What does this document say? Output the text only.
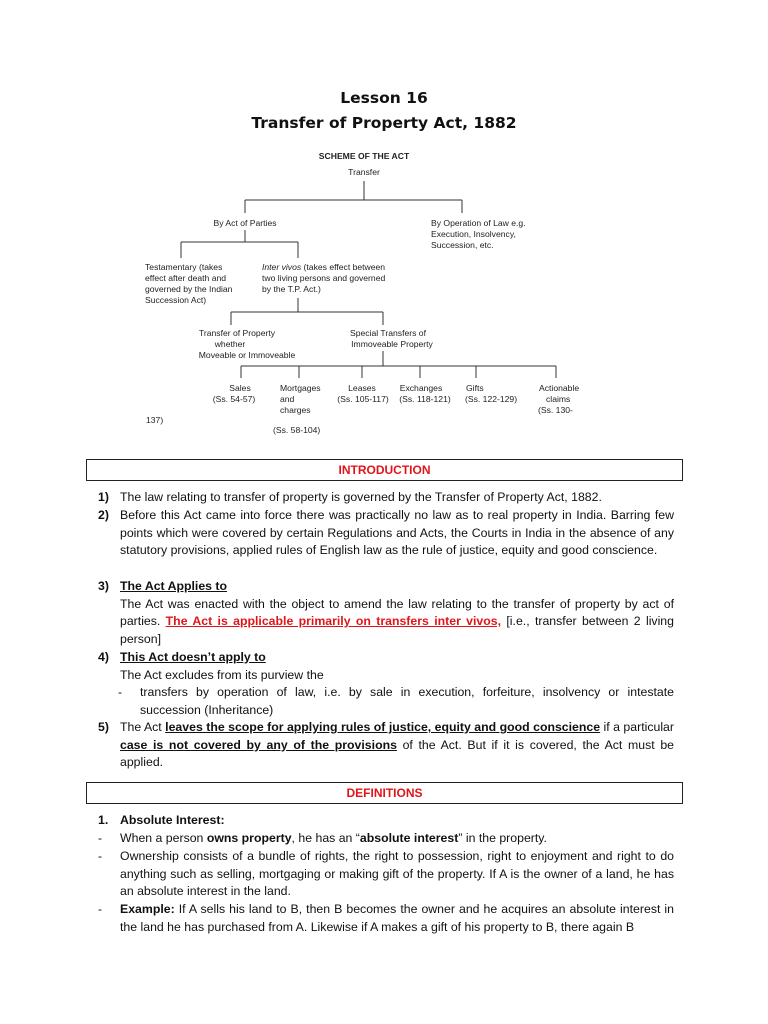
Lesson 16
Transfer of Property Act, 1882
SCHEME OF THE ACT
Transfer
By Act of Parties	By Operation of Law e.g.
Execution, Insolvency,
Succession, etc.
Testamentary (takes
effect after death and
governed by the Indian
Succession Act)
Inter vivos (takes effect between
two living persons and governed
by the T.P. Act.)
Transfer of Property
whether
Moveable or Immoveable
Special Transfers of
Immoveable Property
Sales
(Ss. 54-57)
Mortgages
and
charges
(Ss. 58-104)
Leases
(Ss. 105-117)
Exchanges
(Ss. 118-121)
Gifts
(Ss. 122-129)
Actionable
claims
(Ss. 130-
137)
INTRODUCTION
1) The law relating to transfer of property is governed by the Transfer of Property Act, 1882.
2) Before this Act came into force there was practically no law as to real property in India. Barring few points which were covered by certain Regulations and Acts, the Courts in India in the absence of any statutory provisions, applied rules of English law as the rule of justice, equity and good conscience.
3) The Act Applies to
The Act was enacted with the object to amend the law relating to the transfer of property by act of parties. The Act is applicable primarily on transfers inter vivos, [i.e., transfer between 2 living person]
4) This Act doesn’t apply to
The Act excludes from its purview the
- transfers by operation of law, i.e. by sale in execution, forfeiture, insolvency or intestate succession (Inheritance)
5) The Act leaves the scope for applying rules of justice, equity and good conscience if a particular case is not covered by any of the provisions of the Act. But if it is covered, the Act must be applied.
DEFINITIONS
1. Absolute Interest:
- When a person owns property, he has an “absolute interest” in the property.
- Ownership consists of a bundle of rights, the right to possession, right to enjoyment and right to do anything such as selling, mortgaging or making gift of the property. If A is the owner of a land, he has an absolute interest in the land.
- Example: If A sells his land to B, then B becomes the owner and he acquires an absolute interest in the land he has purchased from A. Likewise if A makes a gift of his property to B, there again B
